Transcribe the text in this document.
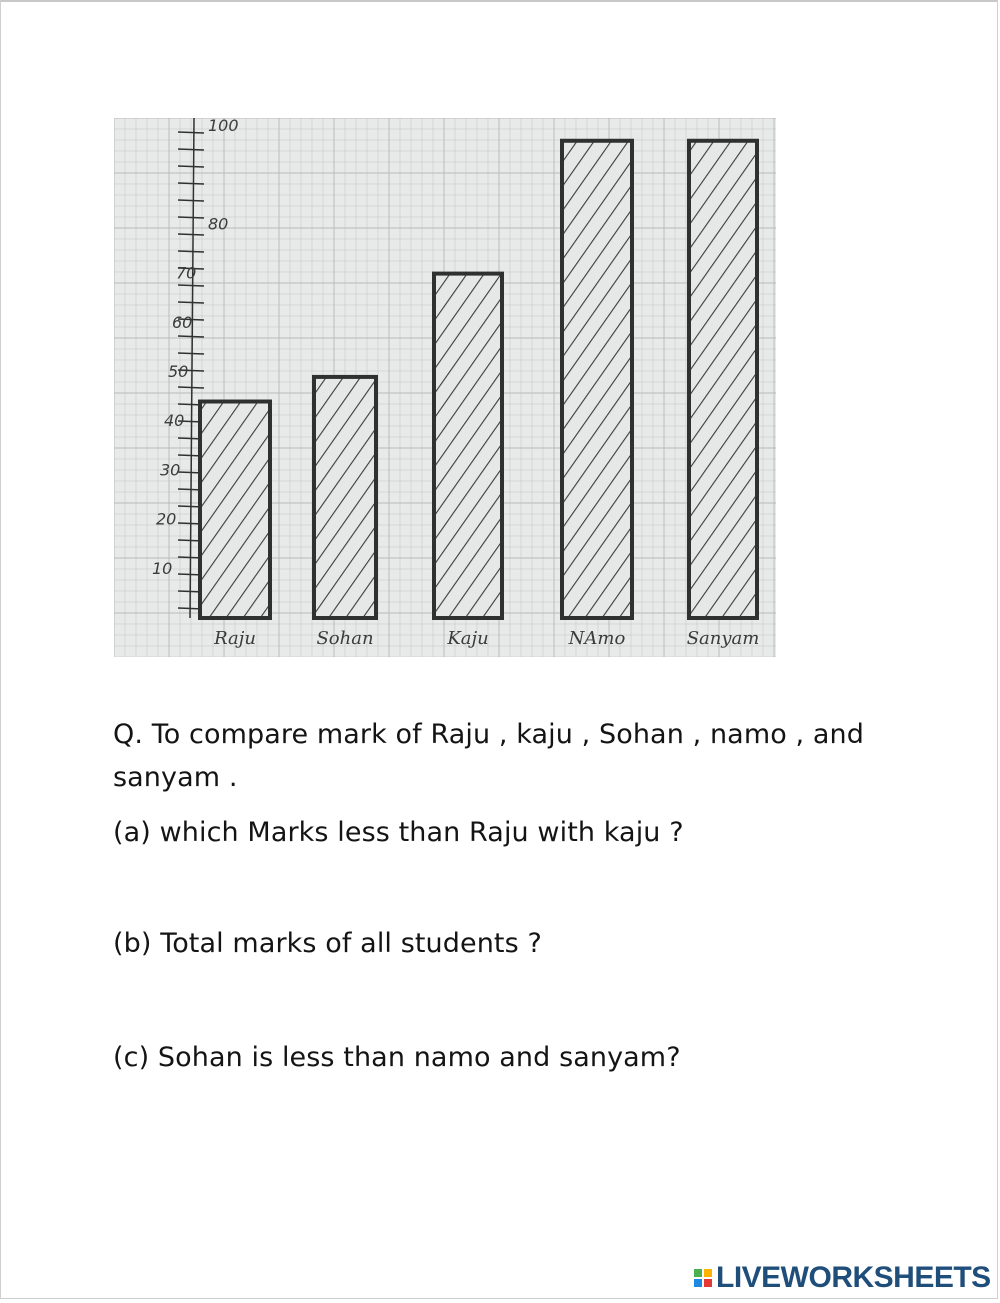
10
20
30
40
50
60
70
80
100
Raju	Sohan	Kaju	NAmo	Sanyam
Q. To compare mark of Raju , kaju , Sohan , namo , and sanyam .
(a) which Marks less than Raju with kaju ?
(b) Total marks of all students ?
(c) Sohan is less than namo and sanyam?
LIVEWORKSHEETS
